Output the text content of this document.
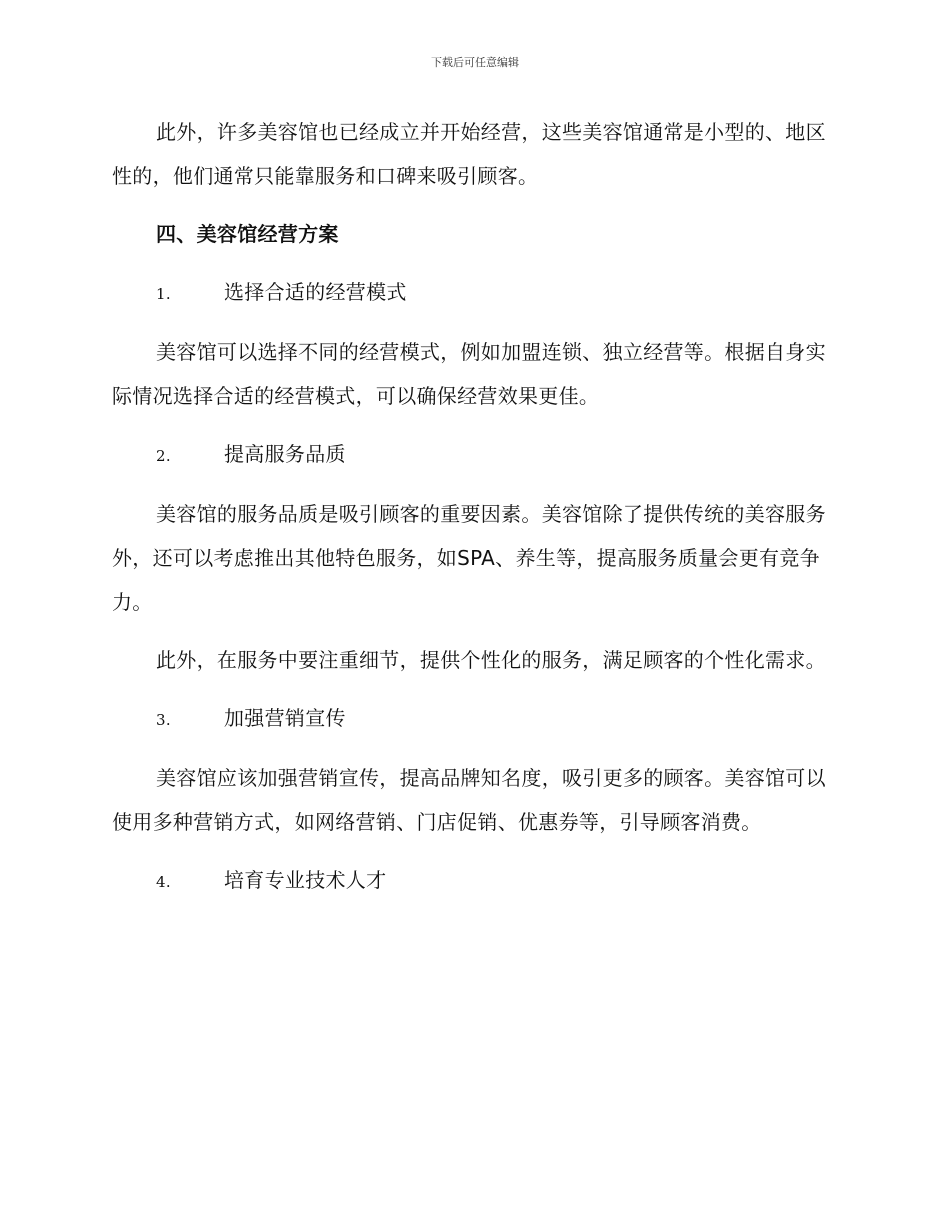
下载后可任意编辑

此外，许多美容馆也已经成立并开始经营，这些美容馆通常是小型的、地区性的，他们通常只能靠服务和口碑来吸引顾客。

四、美容馆经营方案

1.	选择合适的经营模式

美容馆可以选择不同的经营模式，例如加盟连锁、独立经营等。根据自身实际情况选择合适的经营模式，可以确保经营效果更佳。

2.	提高服务品质

美容馆的服务品质是吸引顾客的重要因素。美容馆除了提供传统的美容服务外，还可以考虑推出其他特色服务，如SPA、养生等，提高服务质量会更有竞争力。

此外，在服务中要注重细节，提供个性化的服务，满足顾客的个性化需求。

3.	加强营销宣传

美容馆应该加强营销宣传，提高品牌知名度，吸引更多的顾客。美容馆可以使用多种营销方式，如网络营销、门店促销、优惠券等，引导顾客消费。

4.	培育专业技术人才
